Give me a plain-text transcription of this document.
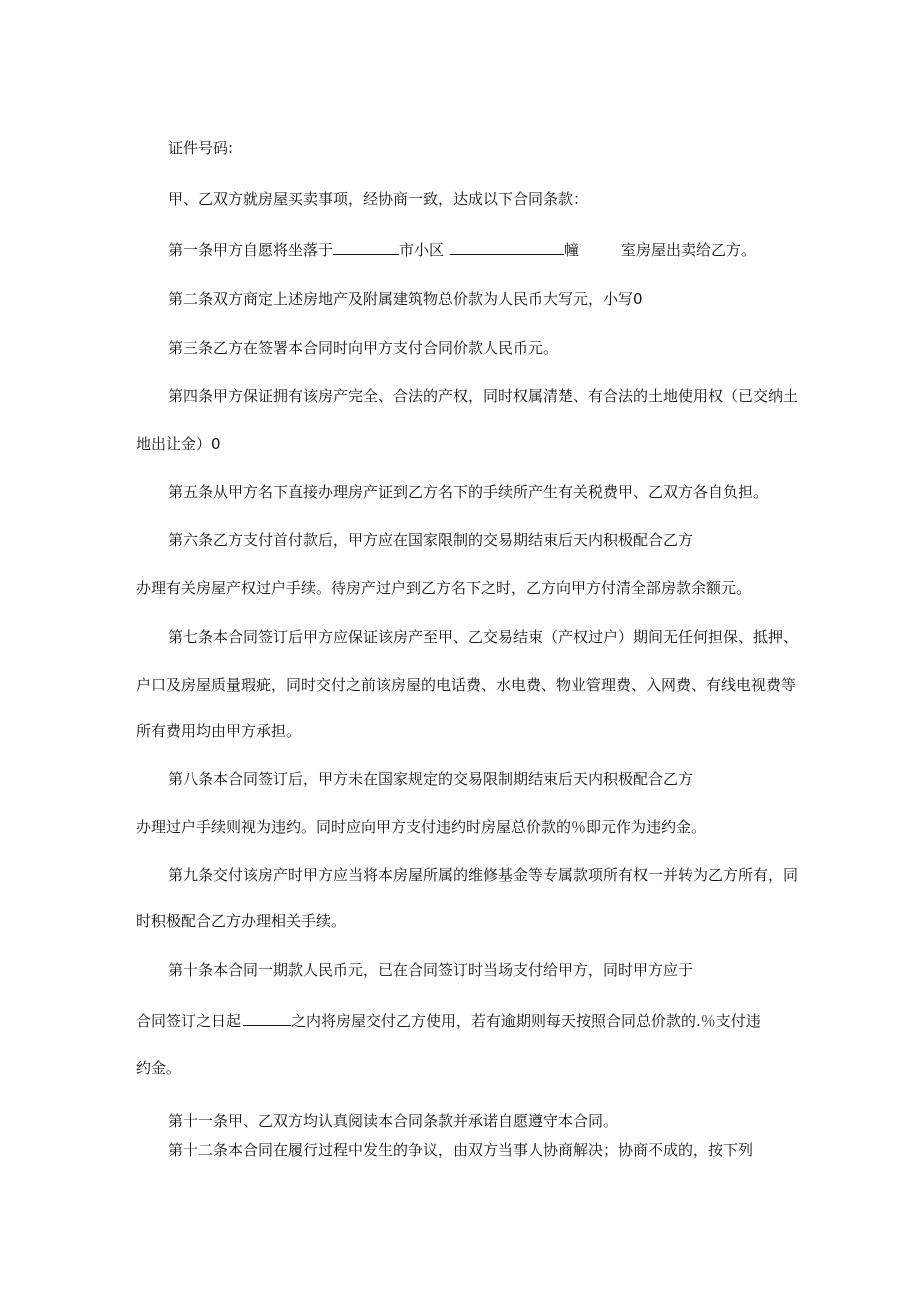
证件号码:

甲、乙双方就房屋买卖事项，经协商一致，达成以下合同条款：

第一条甲方自愿将坐落于	市小区	幢	室房屋出卖给乙方。

第二条双方商定上述房地产及附属建筑物总价款为人民币大写元，小写0

第三条乙方在签署本合同时向甲方支付合同价款人民币元。

第四条甲方保证拥有该房产完全、合法的产权，同时权属清楚、有合法的土地使用权（已交纳土

地出让金）0

第五条从甲方名下直接办理房产证到乙方名下的手续所产生有关税费甲、乙双方各自负担。

第六条乙方支付首付款后，甲方应在国家限制的交易期结束后天内积极配合乙方

办理有关房屋产权过户手续。待房产过户到乙方名下之时，乙方向甲方付清全部房款余额元。

第七条本合同签订后甲方应保证该房产至甲、乙交易结束（产权过户）期间无任何担保、抵押、

户口及房屋质量瑕疵，同时交付之前该房屋的电话费、水电费、物业管理费、入网费、有线电视费等

所有费用均由甲方承担。

第八条本合同签订后，甲方未在国家规定的交易限制期结束后天内积极配合乙方

办理过户手续则视为违约。同时应向甲方支付违约时房屋总价款的％即元作为违约金。

第九条交付该房产时甲方应当将本房屋所属的维修基金等专属款项所有权一并转为乙方所有，同

时积极配合乙方办理相关手续。

第十条本合同一期款人民币元，已在合同签订时当场支付给甲方，同时甲方应于

合同签订之日起	之内将房屋交付乙方使用，若有逾期则每天按照合同总价款的.％支付违

约金。

第十一条甲、乙双方均认真阅读本合同条款并承诺自愿遵守本合同。

第十二条本合同在履行过程中发生的争议，由双方当事人协商解决；协商不成的，按下列
